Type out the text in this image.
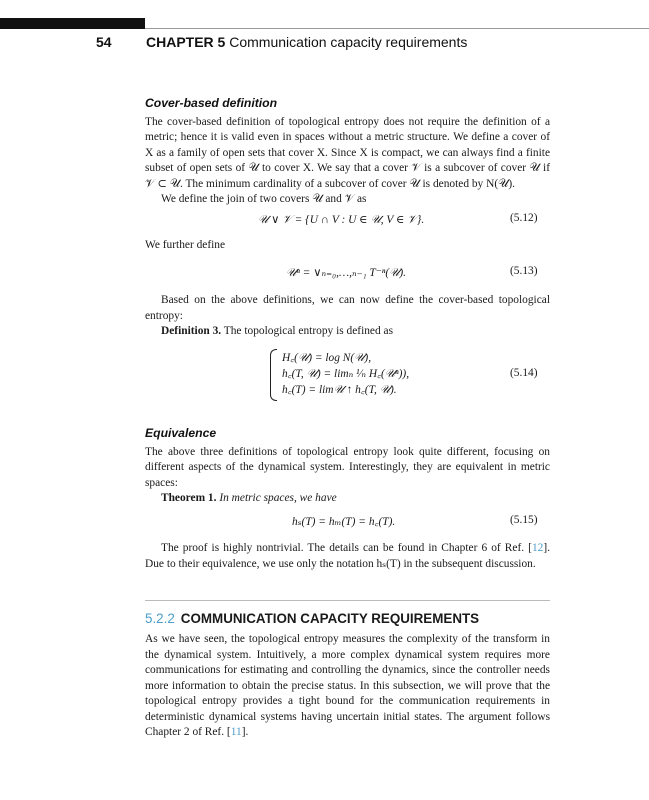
54 CHAPTER 5 Communication capacity requirements
Cover-based definition

The cover-based definition of topological entropy does not require the definition of a metric; hence it is valid even in spaces without a metric structure. We define a cover of X as a family of open sets that cover X. Since X is compact, we can always find a finite subset of open sets of 𝒰 to cover X. We say that a cover 𝒱 is a subcover of cover 𝒰 if 𝒱 ⊂ 𝒰. The minimum cardinality of a subcover of cover 𝒰 is denoted by N(𝒰).

We define the join of two covers 𝒰 and 𝒱 as

𝒰 ∨ 𝒱 = {U ∩ V : U ∈ 𝒰, V ∈ 𝒱}.	(5.12)

We further define

𝒰ⁿ = ∨ₙ₌₀,…,ₙ₋₁ T⁻ⁿ(𝒰).	(5.13)

Based on the above definitions, we can now define the cover-based topological entropy:

Definition 3. The topological entropy is defined as

H꜀(𝒰) = log N(𝒰),
h꜀(T, 𝒰) = limₙ ¹⁄ₙ H꜀(𝒰ⁿ)),
h꜀(T) = lim𝒰 ↑ h꜀(T, 𝒰).
(5.14)
Equivalence

The above three definitions of topological entropy look quite different, focusing on different aspects of the dynamical system. Interestingly, they are equivalent in metric spaces:

Theorem 1. In metric spaces, we have

hₛ(T) = hₘ(T) = h꜀(T).	(5.15)

The proof is highly nontrivial. The details can be found in Chapter 6 of Ref. [12]. Due to their equivalence, we use only the notation hₛ(T) in the subsequent discussion.

5.2.2 COMMUNICATION CAPACITY REQUIREMENTS

As we have seen, the topological entropy measures the complexity of the transform in the dynamical system. Intuitively, a more complex dynamical system requires more communications for estimating and controlling the dynamics, since the controller needs more information to obtain the precise status. In this subsection, we will prove that the topological entropy provides a tight bound for the communication requirements in deterministic dynamical systems having uncertain initial states. The argument follows Chapter 2 of Ref. [11].
